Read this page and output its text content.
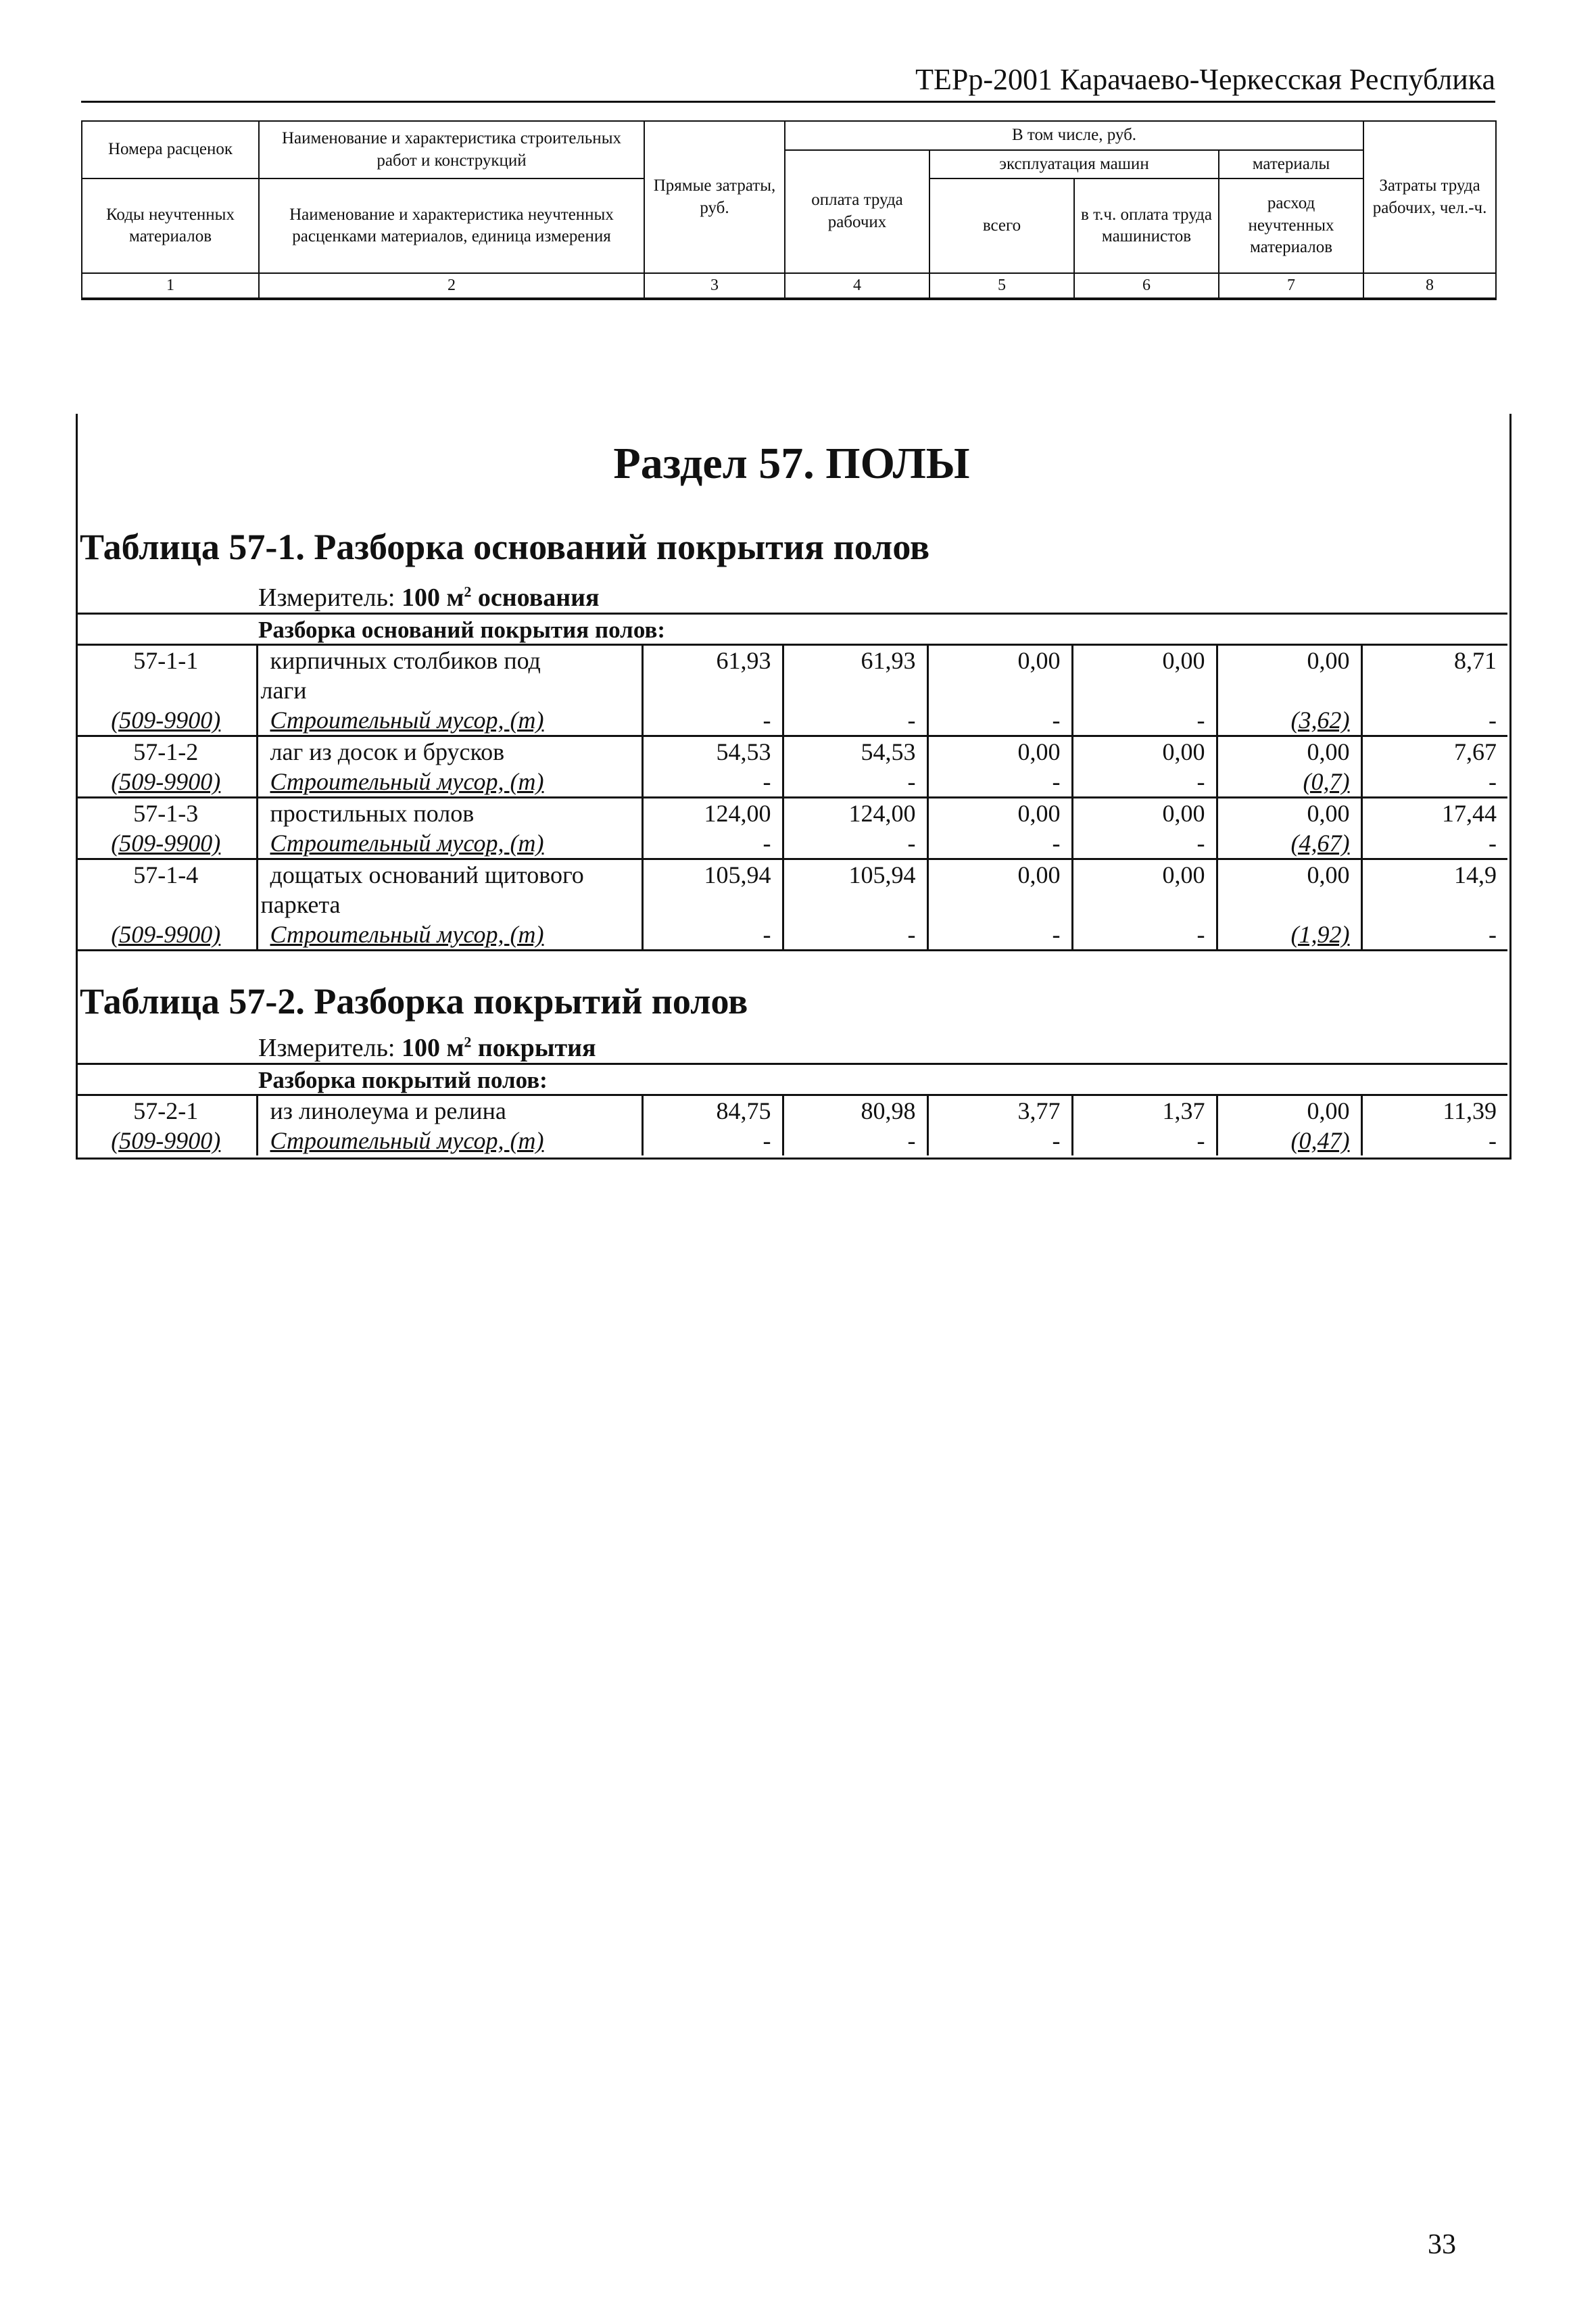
ТЕРр-2001 Карачаево-Черкесская Республика
Номера расценок	Наименование и характеристика строительных работ и конструкций	Прямые затраты, руб.	В том числе, руб.				Затраты труда рабочих, чел.-ч.
			оплата труда рабочих	эксплуатация машин		материалы	
Коды неучтенных материалов	Наименование и характеристика неучтенных расценками материалов, единица измерения			всего	в т.ч. оплата труда машинистов	расход неучтенных материалов	

1	2	3	4	5	6	7	8
Раздел 57. ПОЛЫ
Таблица 57-1. Разборка оснований покрытия полов
Измеритель: 100 $м^2$ основания
Разборка оснований покрытия полов:
57-1-1	кирпичных столбиков под	61,93	61,93	0,00	0,00	0,00	8,71
	лаги						
(509-9900)	Строительный мусор, (т)	-	-	-	-	(3,62)	-
57-1-2	лаг из досок и брусков	54,53	54,53	0,00	0,00	0,00	7,67
(509-9900)	Строительный мусор, (т)	-	-	-	-	(0,7)	-
57-1-3	простильных полов	124,00	124,00	0,00	0,00	0,00	17,44
(509-9900)	Строительный мусор, (т)	-	-	-	-	(4,67)	-
57-1-4	дощатых оснований щитового	105,94	105,94	0,00	0,00	0,00	14,9
	паркета						
(509-9900)	Строительный мусор, (т)	-	-	-	-	(1,92)	-
Таблица 57-2. Разборка покрытий полов
Измеритель: 100 $м^2$ покрытия
Разборка покрытий полов:
57-2-1	из линолеума и релина	84,75	80,98	3,77	1,37	0,00	11,39
(509-9900)	Строительный мусор, (т)	-	-	-	-	(0,47)	-
33
